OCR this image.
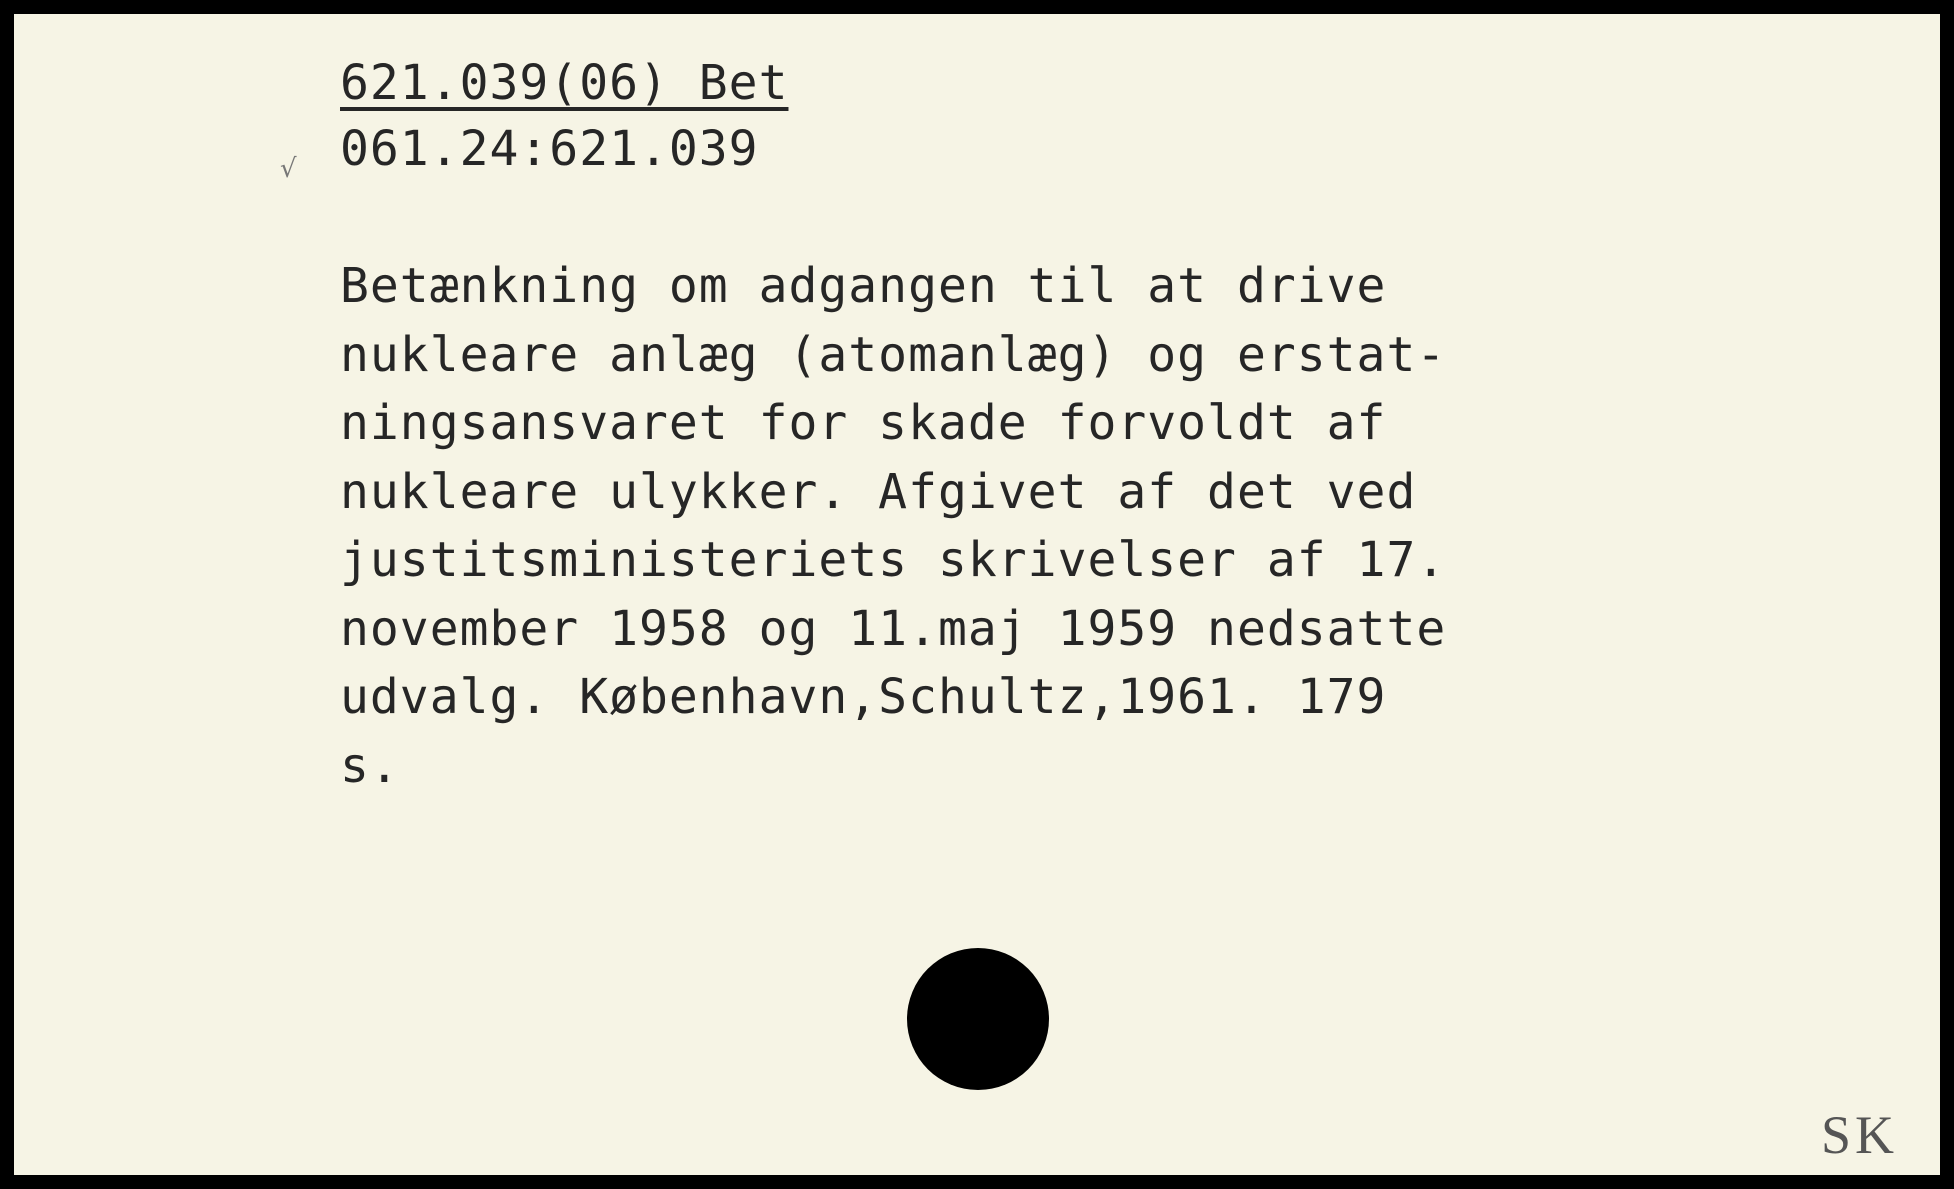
621.039(06) Bet
061.24:621.039
√
Betænkning om adgangen til at drive
nukleare anlæg (atomanlæg) og erstat-
ningsansvaret for skade forvoldt af
nukleare ulykker. Afgivet af det ved
justitsministeriets skrivelser af 17.
november 1958 og 11.maj 1959 nedsatte
udvalg. København,Schultz,1961. 179
s.
SK
